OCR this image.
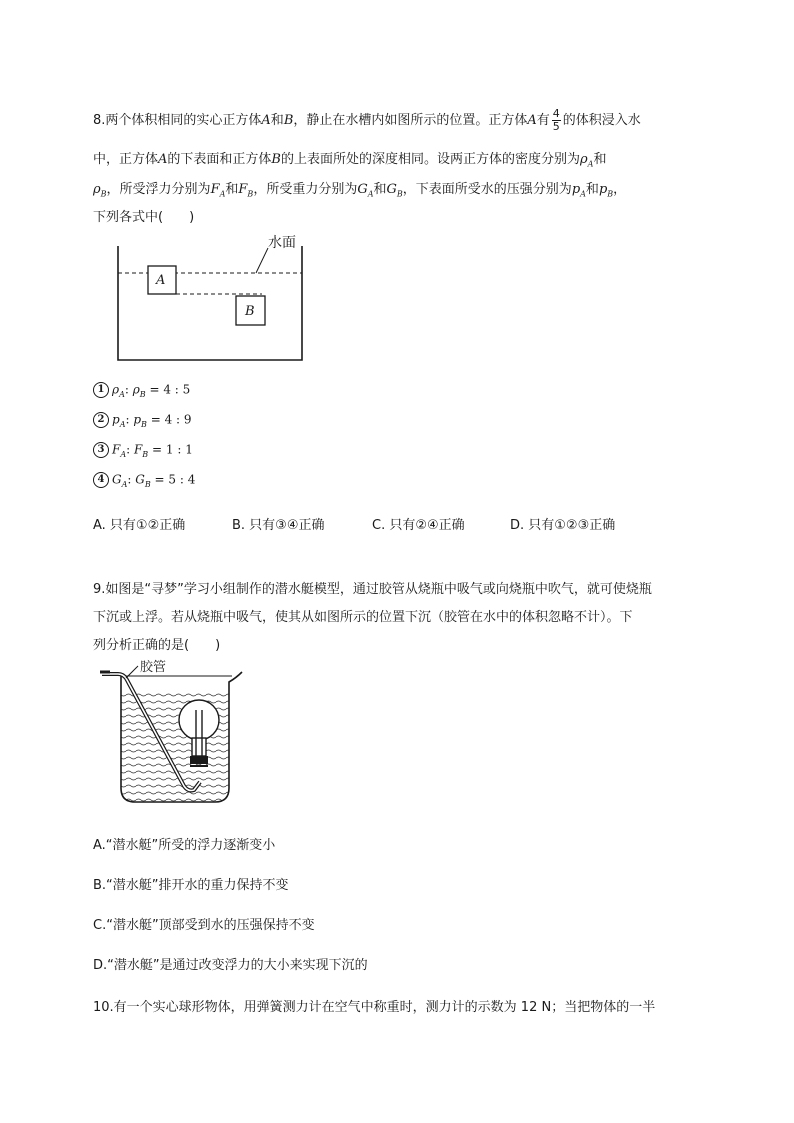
8.两个体积相同的实心正方体A和B，静止在水槽内如图所示的位置。正方体A有 $\frac{4}{5}$ 的体积浸入水
中，正方体A的下表面和正方体B的上表面所处的深度相同。设两正方体的密度分别为$\rho_A$和
$\rho_B$，所受浮力分别为$F_A$和$F_B$，所受重力分别为$G_A$和$G_B$，下表面所受水的压强分别为$p_A$和$p_B$，
下列各式中(　　)
水面
A
B
1 $\rho_A$: $\rho_B = 4$ : 5
2 $p_A$: $p_B = 4$ : 9
3 $F_A$: $F_B = 1$ : 1
4 $G_A$: $G_B = 5$ : 4
A. 只有①②正确	B. 只有③④正确	C. 只有②④正确	D. 只有①②③正确
9.如图是“寻梦”学习小组制作的潜水艇模型，通过胶管从烧瓶中吸气或向烧瓶中吹气，就可使烧瓶
下沉或上浮。若从烧瓶中吸气，使其从如图所示的位置下沉（胶管在水中的体积忽略不计）。下
列分析正确的是(　　)
胶管
A.“潜水艇”所受的浮力逐渐变小
B.“潜水艇”排开水的重力保持不变
C.“潜水艇”顶部受到水的压强保持不变
D.“潜水艇”是通过改变浮力的大小来实现下沉的
10.有一个实心球形物体，用弹簧测力计在空气中称重时，测力计的示数为 12 N；当把物体的一半
